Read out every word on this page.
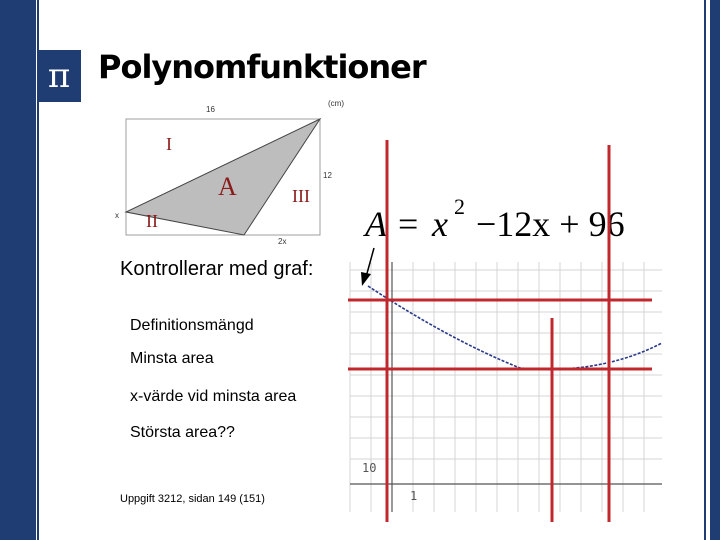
π Polynomfunktioner
16
(cm)
12
2x
x
I
A
II
III
A = x 2 −12x + 96
10
1
Kontrollerar med graf:
Definitionsmängd
Minsta area
x-värde vid minsta area
Största area??
Uppgift 3212, sidan 149 (151)
